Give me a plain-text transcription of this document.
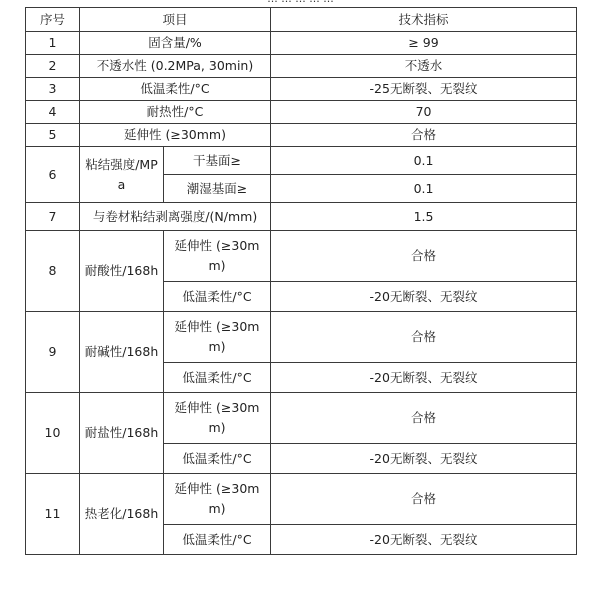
序号	项目		技术指标
1	固含量/%		≥ 99
2	不透水性 (0.2MPa, 30min)		不透水
3	低温柔性/°C		-25无断裂、无裂纹
4	耐热性/°C		70
5	延伸性 (≥30mm)		合格
6	粘结强度/MPa	干基面≥	0.1
		潮湿基面≥	0.1
7	与卷材粘结剥离强度/(N/mm)		1.5
8	耐酸性/168h	延伸性 (≥30mm)	合格
		低温柔性/°C	-20无断裂、无裂纹
9	耐碱性/168h	延伸性 (≥30mm)	合格
		低温柔性/°C	-20无断裂、无裂纹
10	耐盐性/168h	延伸性 (≥30mm)	合格
		低温柔性/°C	-20无断裂、无裂纹
11	热老化/168h	延伸性 (≥30mm)	合格
		低温柔性/°C	-20无断裂、无裂纹
